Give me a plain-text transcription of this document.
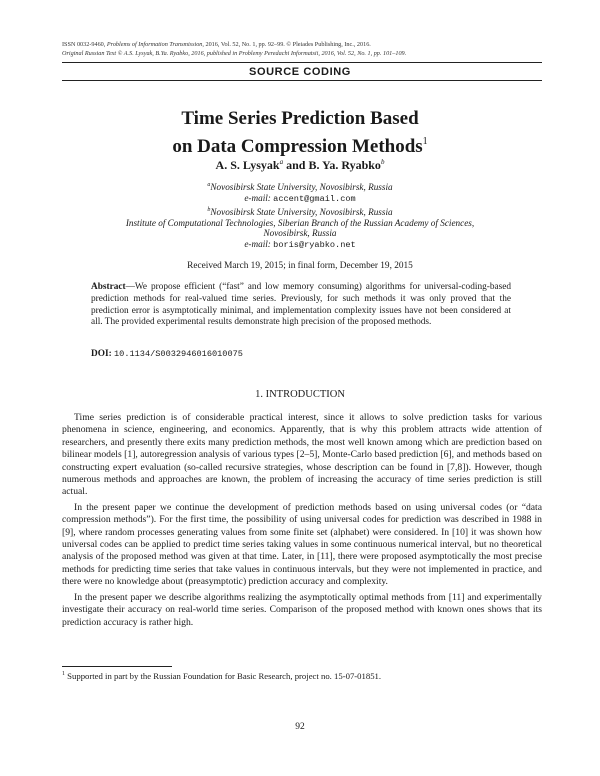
ISSN 0032-9460, Problems of Information Transmission, 2016, Vol. 52, No. 1, pp. 92–99. © Pleiades Publishing, Inc., 2016.
Original Russian Text © A.S. Lysyak, B.Ya. Ryabko, 2016, published in Problemy Peredachi Informatsii, 2016, Vol. 52, No. 1, pp. 101–109.
SOURCE CODING
Time Series Prediction Based
on Data Compression Methods$^1$
A. S. Lysyak$^a$ and B. Ya. Ryabko$^b$
$^a$Novosibirsk State University, Novosibirsk, Russia
e-mail: accent@gmail.com
$^b$Novosibirsk State University, Novosibirsk, Russia
Institute of Computational Technologies, Siberian Branch of the Russian Academy of Sciences,
Novosibirsk, Russia
e-mail: boris@ryabko.net
Received March 19, 2015; in final form, December 19, 2015
Abstract—We propose efficient (“fast” and low memory consuming) algorithms for universal-coding-based prediction methods for real-valued time series. Previously, for such methods it was only proved that the prediction error is asymptotically minimal, and implementation complexity issues have not been considered at all. The provided experimental results demonstrate high precision of the proposed methods.
DOI: 10.1134/S0032946016010075
1. INTRODUCTION

Time series prediction is of considerable practical interest, since it allows to solve prediction tasks for various phenomena in science, engineering, and economics. Apparently, that is why this problem attracts wide attention of researchers, and presently there exits many prediction methods, the most well known among which are prediction based on bilinear models [1], autoregression analysis of various types [2–5], Monte-Carlo based prediction [6], and methods based on constructing expert evaluation (so-called recursive strategies, whose description can be found in [7,8]). However, though numerous methods and approaches are known, the problem of increasing the accuracy of time series prediction is still actual.

In the present paper we continue the development of prediction methods based on using universal codes (or “data compression methods”). For the first time, the possibility of using universal codes for prediction was described in 1988 in [9], where random processes generating values from some finite set (alphabet) were considered. In [10] it was shown how universal codes can be applied to predict time series taking values in some continuous numerical interval, but no theoretical analysis of the proposed method was given at that time. Later, in [11], there were proposed asymptotically the most precise methods for predicting time series that take values in continuous intervals, but they were not implemented in practice, and there were no knowledge about (preasymptotic) prediction accuracy and complexity.

In the present paper we describe algorithms realizing the asymptotically optimal methods from [11] and experimentally investigate their accuracy on real-world time series. Comparison of the proposed method with known ones shows that its prediction accuracy is rather high.

$^1$ Supported in part by the Russian Foundation for Basic Research, project no. 15-07-01851.
92
